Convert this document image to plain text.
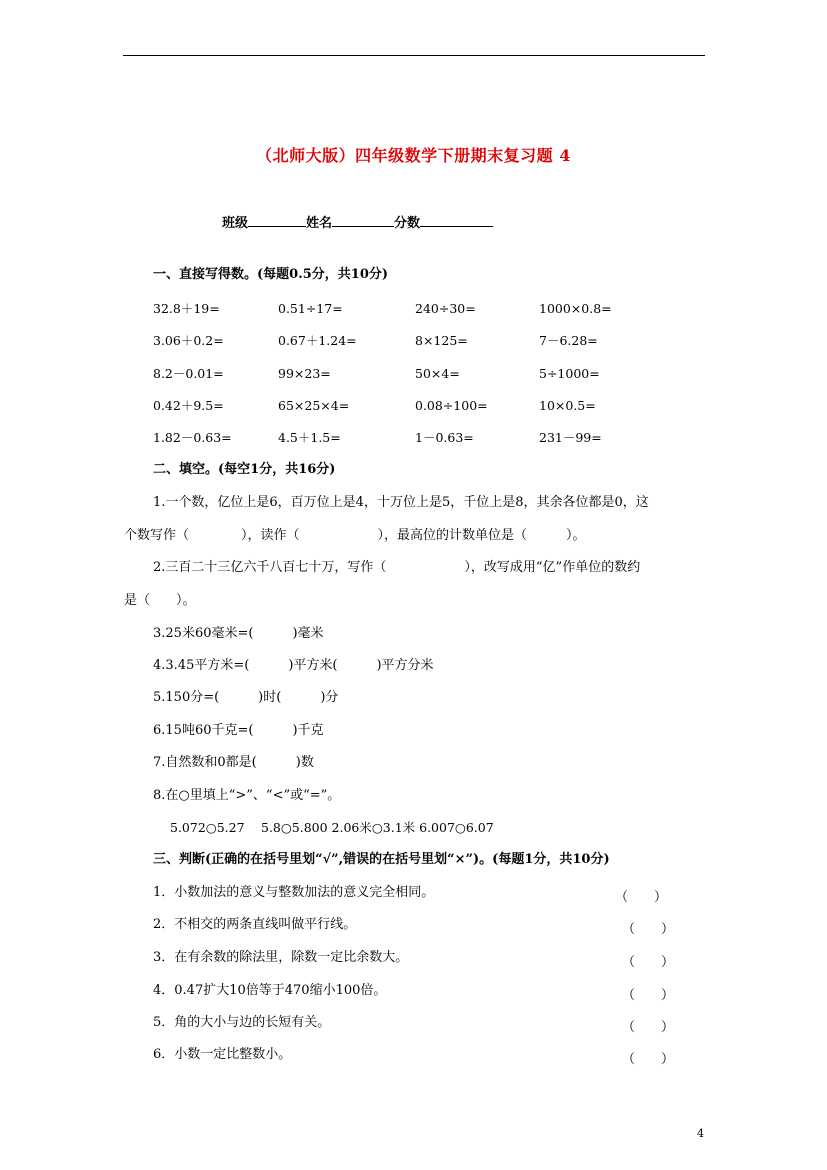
（北师大版）四年级数学下册期末复习题 4
班级	姓名	分数
一、直接写得数。(每题0.5分，共10分)
32.8＋19=	0.51÷17=	240÷30=	1000×0.8=
3.06＋0.2=	0.67＋1.24=	8×125=	7－6.28=
8.2－0.01=	99×23=	50×4=	5÷1000=
0.42＋9.5=	65×25×4=	0.08÷100=	10×0.5=
1.82－0.63=	4.5＋1.5=	1－0.63=	231－99=
二、填空。(每空1分，共16分)
1.一个数，亿位上是6，百万位上是4，十万位上是5，千位上是8，其余各位都是0，这
个数写作（　　　　），读作（　　　　　　），最高位的计数单位是（　　　）。
2.三百二十三亿六千八百七十万，写作（　　　　　　），改写成用“亿”作单位的数约
是（　　）。
3.25米60毫米=(　　　)毫米
4.3.45平方米=(　　　)平方米(　　　)平方分米
5.150分=(　　　)时(　　　)分
6.15吨60千克=(　　　)千克
7.自然数和0都是(　　　)数
8.在○里填上“>”、“<”或“=”。
5.072○5.27　 5.8○5.800 2.06米○3.1米 6.007○6.07
三、判断(正确的在括号里划“√”,错误的在括号里划“×”)。(每题1分，共10分)
1．小数加法的意义与整数加法的意义完全相同。	（　　）
2．不相交的两条直线叫做平行线。	（　　）
3．在有余数的除法里，除数一定比余数大。	（　　）
4．0.47扩大10倍等于470缩小100倍。	（　　）
5．角的大小与边的长短有关。	（　　）
6．小数一定比整数小。	（　　）
4
